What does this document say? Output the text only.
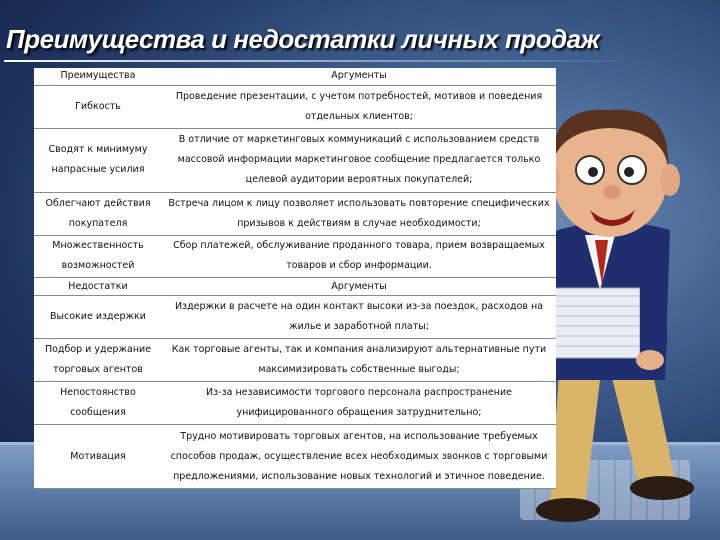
Преимущества и недостатки личных продаж
Преимущества	Аргументы
Гибкость	Проведение презентации, с учетом потребностей, мотивов и поведения отдельных клиентов;
Сводят к минимуму напрасные усилия	В отличие от маркетинговых коммуникаций с использованием средств массовой информации маркетинговое сообщение предлагается только целевой аудитории вероятных покупателей;
Облегчают действия покупателя	Встреча лицом к лицу позволяет использовать повторение специфических призывов к действиям в случае необходимости;
Множественность возможностей	Сбор платежей, обслуживание проданного товара, прием возвращаемых товаров и сбор информации.
Недостатки	Аргументы
Высокие издержки	Издержки в расчете на один контакт высоки из-за поездок, расходов на жилье и заработной платы;
Подбор и удержание торговых агентов	Как торговые агенты, так и компания анализируют альтернативные пути максимизировать собственные выгоды;
Непостоянство сообщения	Из-за независимости торгового персонала распространение унифицированного обращения затруднительно;
Мотивация	Трудно мотивировать торговых агентов, на использование требуемых способов продаж, осуществление всех необходимых звонков с торговыми предложениями, использование новых технологий и этичное поведение.
